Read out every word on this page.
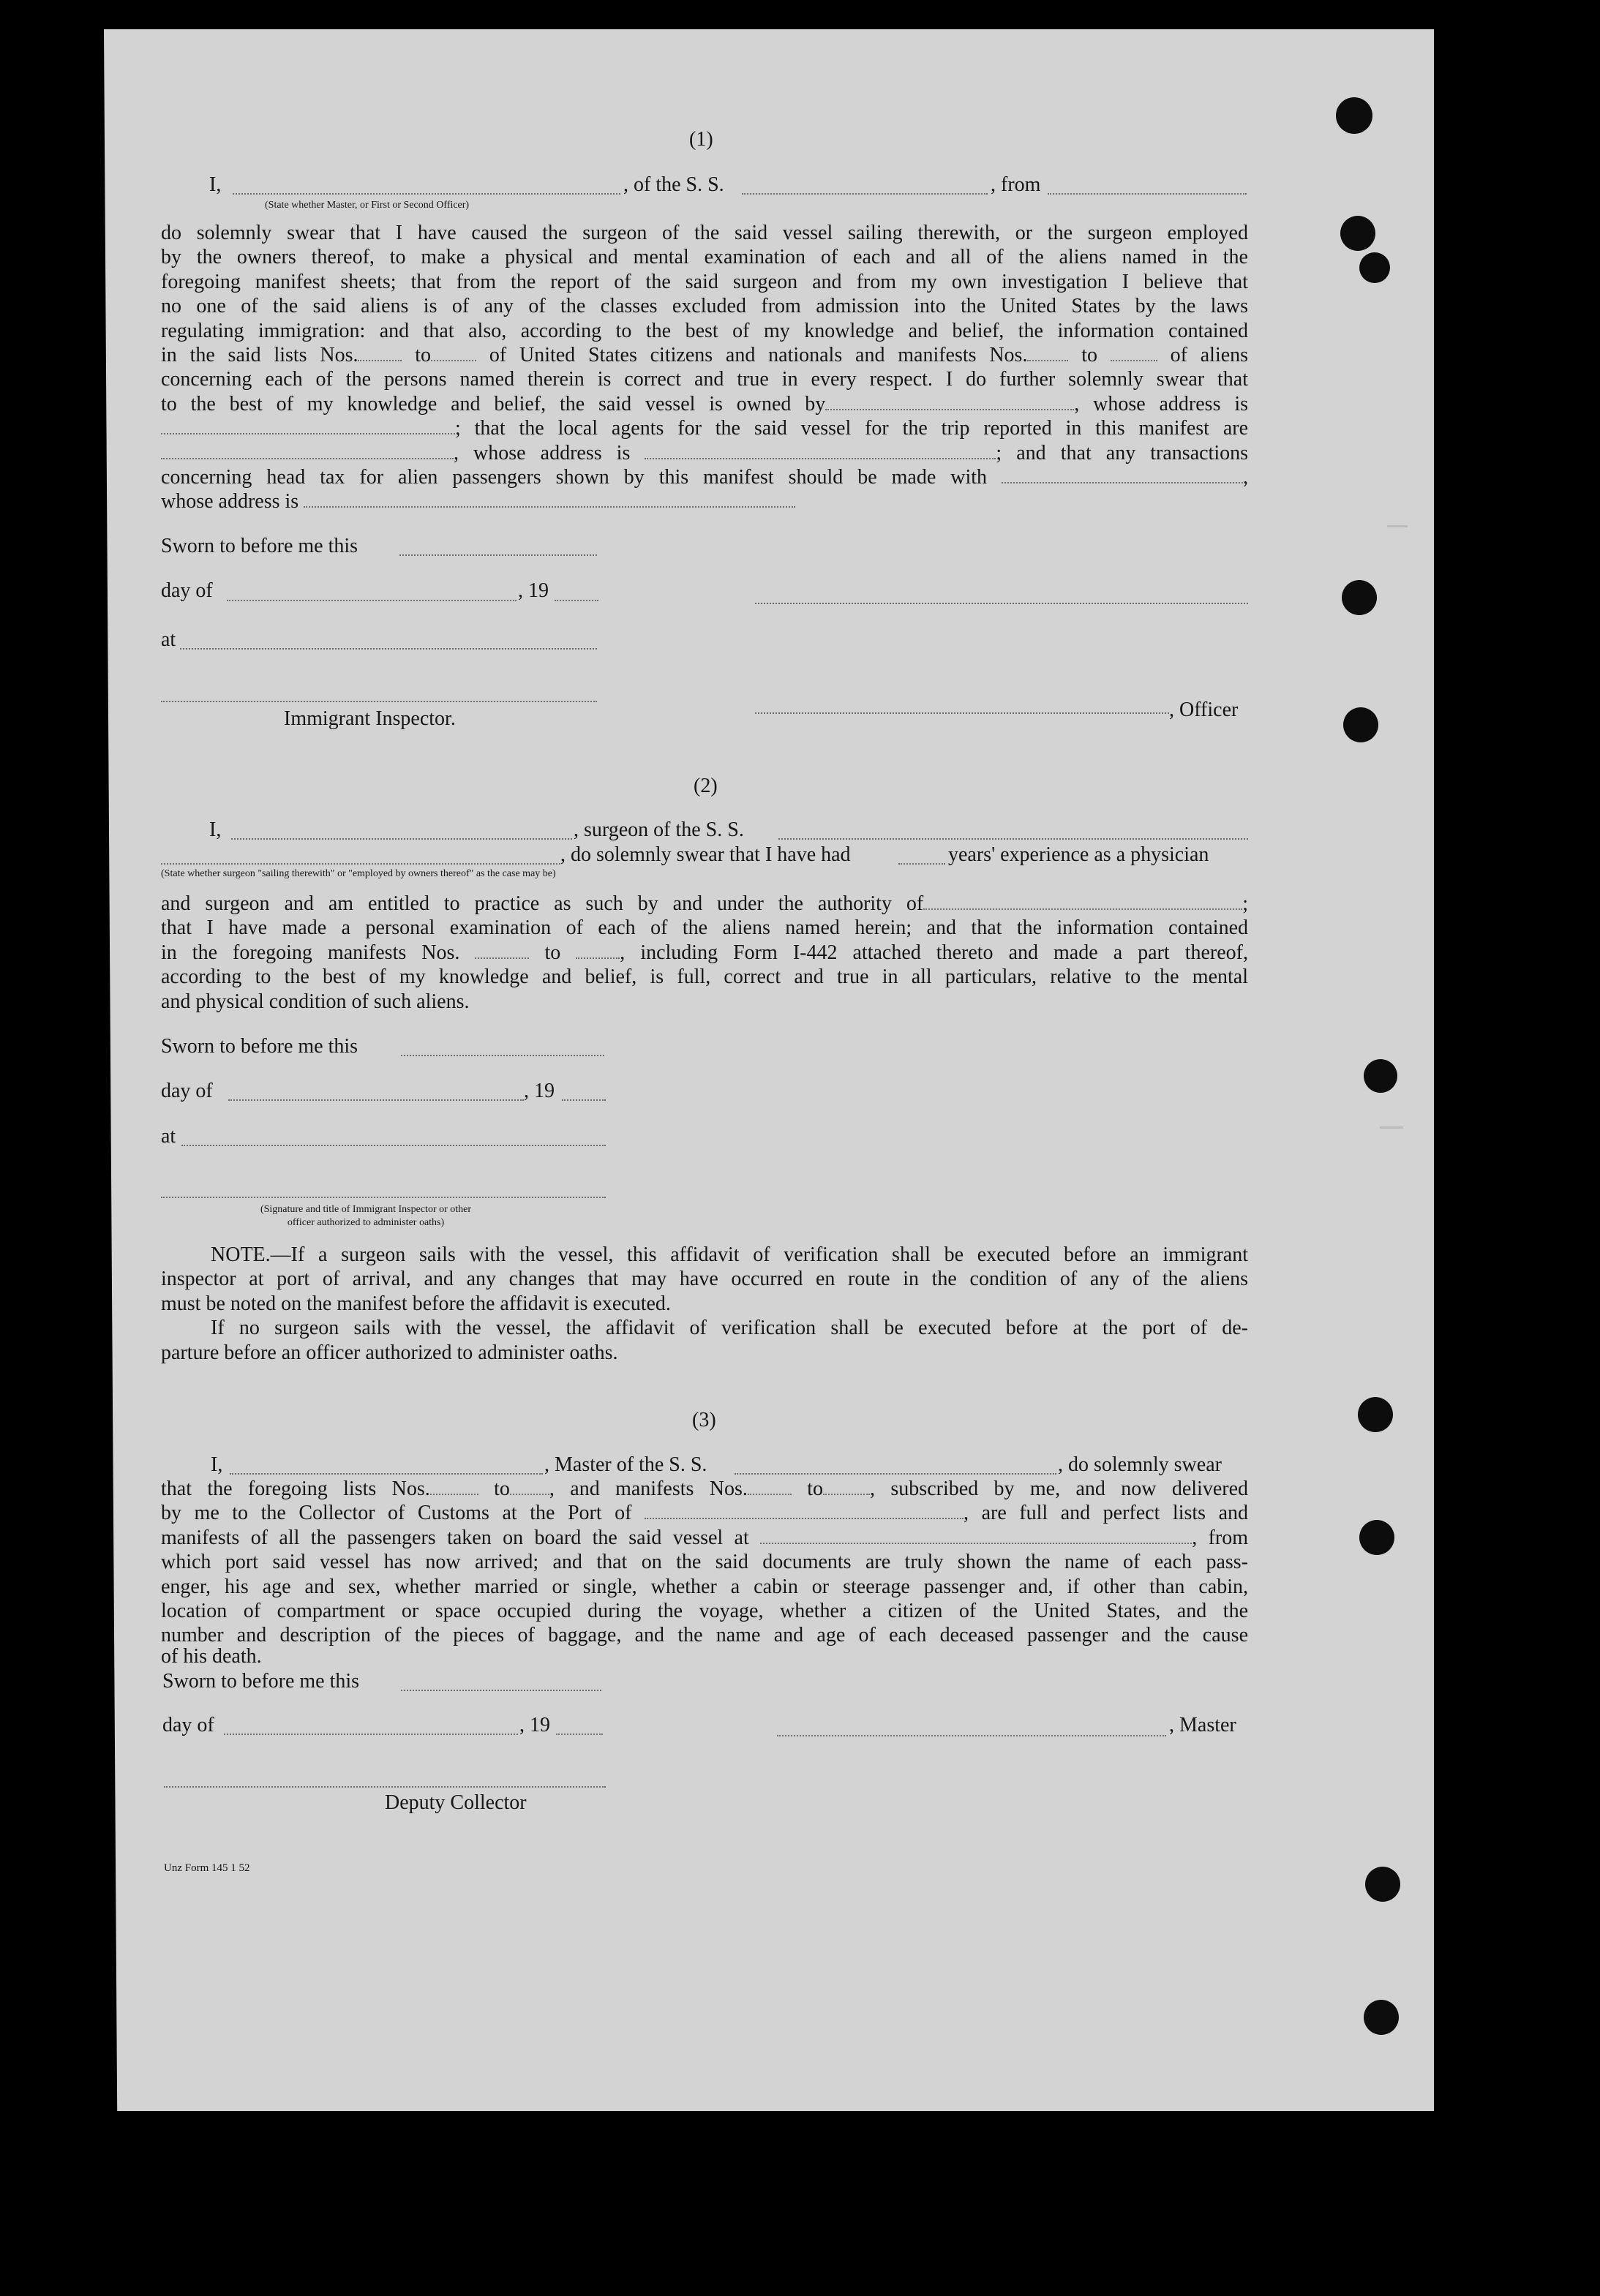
(1)
I,	, of the S. S.	, from
(State whether Master, or First or Second Officer)
do solemnly swear that I have caused the surgeon of the said vessel sailing therewith, or the surgeon employed
by the owners thereof, to make a physical and mental examination of each and all of the aliens named in the
foregoing manifest sheets; that from the report of the said surgeon and from my own investigation I believe that
no one of the said aliens is of any of the classes excluded from admission into the United States by the laws
regulating immigration: and that also, according to the best of my knowledge and belief, the information contained
in the said lists Nos.	to	of United States citizens and nationals and manifests Nos.	to	of aliens
concerning each of the persons named therein is correct and true in every respect. I do further solemnly swear that
to the best of my knowledge and belief, the said vessel is owned by	, whose address is
; that the local agents for the said vessel for the trip reported in this manifest are
, whose address is	; and that any transactions
concerning head tax for alien passengers shown by this manifest should be made with	,
whose address is
Sworn to before me this
day of	, 19
at
Immigrant Inspector.	, Officer
(2)
I,	, surgeon of the S. S.
, do solemnly swear that I have had	years' experience as a physician
(State whether surgeon "sailing therewith" or "employed by owners thereof" as the case may be)
and surgeon and am entitled to practice as such by and under the authority of	;
that I have made a personal examination of each of the aliens named herein; and that the information contained
in the foregoing manifests Nos.	to	, including Form I-442 attached thereto and made a part thereof,
according to the best of my knowledge and belief, is full, correct and true in all particulars, relative to the mental
and physical condition of such aliens.
Sworn to before me this
day of	, 19
at
(Signature and title of Immigrant Inspector or other
officer authorized to administer oaths)
NOTE.—If a surgeon sails with the vessel, this affidavit of verification shall be executed before an immigrant
inspector at port of arrival, and any changes that may have occurred en route in the condition of any of the aliens
must be noted on the manifest before the affidavit is executed.
If no surgeon sails with the vessel, the affidavit of verification shall be executed before at the port of de-
parture before an officer authorized to administer oaths.
(3)
I,	, Master of the S. S.	, do solemnly swear
that the foregoing lists Nos.	to , and manifests Nos.	to , subscribed by me, and now delivered
by me to the Collector of Customs at the Port of	, are full and perfect lists and
manifests of all the passengers taken on board the said vessel at	, from
which port said vessel has now arrived; and that on the said documents are truly shown the name of each pass-
enger, his age and sex, whether married or single, whether a cabin or steerage passenger and, if other than cabin,
location of compartment or space occupied during the voyage, whether a citizen of the United States, and the
number and description of the pieces of baggage, and the name and age of each deceased passenger and the cause
of his death.
Sworn to before me this
day of	, 19	, Master
Deputy Collector
Unz Form 145 1 52
